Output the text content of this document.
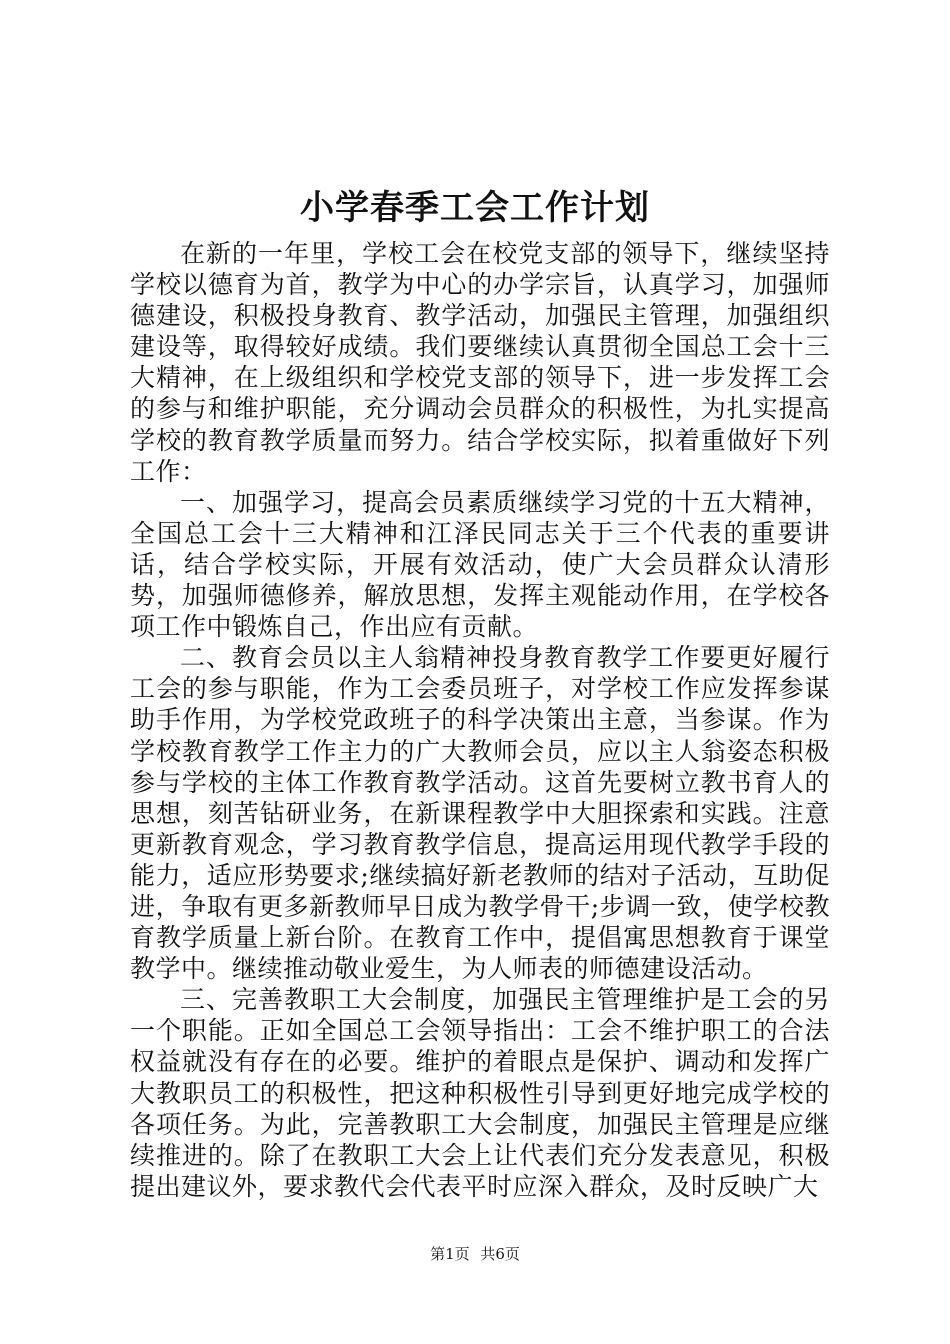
小学春季工会工作计划

在新的一年里，学校工会在校党支部的领导下，继续坚持学校以德育为首，教学为中心的办学宗旨，认真学习，加强师德建设，积极投身教育、教学活动，加强民主管理，加强组织建设等，取得较好成绩。我们要继续认真贯彻全国总工会十三大精神，在上级组织和学校党支部的领导下，进一步发挥工会的参与和维护职能，充分调动会员群众的积极性，为扎实提高学校的教育教学质量而努力。结合学校实际，拟着重做好下列工作：

一、加强学习，提高会员素质继续学习党的十五大精神，全国总工会十三大精神和江泽民同志关于三个代表的重要讲话，结合学校实际，开展有效活动，使广大会员群众认清形势，加强师德修养，解放思想，发挥主观能动作用，在学校各项工作中锻炼自己，作出应有贡献。

二、教育会员以主人翁精神投身教育教学工作要更好履行工会的参与职能，作为工会委员班子，对学校工作应发挥参谋助手作用，为学校党政班子的科学决策出主意，当参谋。作为学校教育教学工作主力的广大教师会员，应以主人翁姿态积极参与学校的主体工作教育教学活动。这首先要树立教书育人的思想，刻苦钻研业务，在新课程教学中大胆探索和实践。注意更新教育观念，学习教育教学信息，提高运用现代教学手段的能力，适应形势要求;继续搞好新老教师的结对子活动，互助促进，争取有更多新教师早日成为教学骨干;步调一致，使学校教育教学质量上新台阶。在教育工作中，提倡寓思想教育于课堂教学中。继续推动敬业爱生，为人师表的师德建设活动。

三、完善教职工大会制度，加强民主管理维护是工会的另一个职能。正如全国总工会领导指出：工会不维护职工的合法权益就没有存在的必要。维护的着眼点是保护、调动和发挥广大教职员工的积极性，把这种积极性引导到更好地完成学校的各项任务。为此，完善教职工大会制度，加强民主管理是应继续推进的。除了在教职工大会上让代表们充分发表意见，积极提出建议外，要求教代会代表平时应深入群众，及时反映广大

第1页 共6页
